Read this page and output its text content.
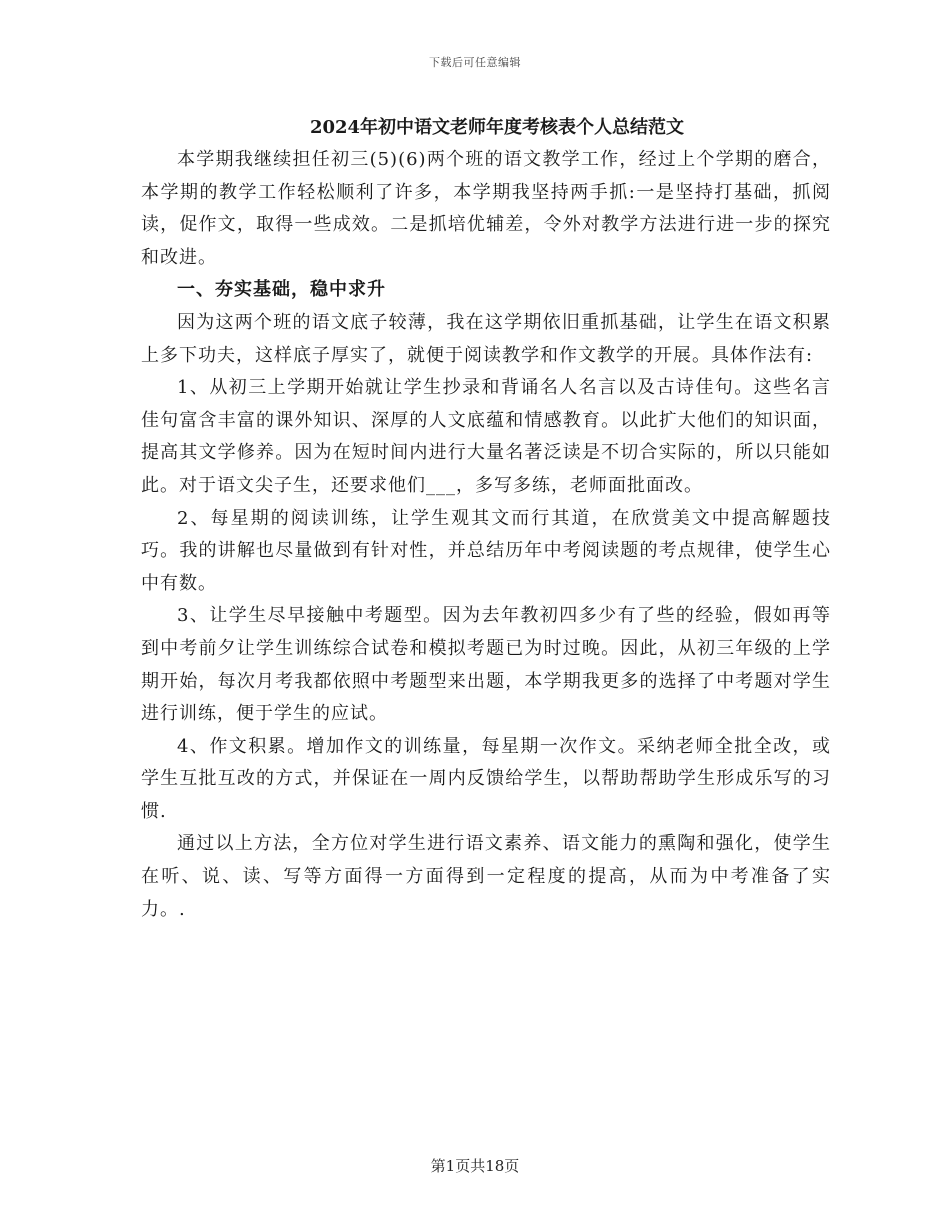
下载后可任意编辑
2024年初中语文老师年度考核表个人总结范文

本学期我继续担任初三(5)(6)两个班的语文教学工作，经过上个学期的磨合，本学期的教学工作轻松顺利了许多，本学期我坚持两手抓:一是坚持打基础，抓阅读，促作文，取得一些成效。二是抓培优辅差，令外对教学方法进行进一步的探究和改进。

一、夯实基础，稳中求升

因为这两个班的语文底子较薄，我在这学期依旧重抓基础，让学生在语文积累上多下功夫，这样底子厚实了，就便于阅读教学和作文教学的开展。具体作法有:

1、从初三上学期开始就让学生抄录和背诵名人名言以及古诗佳句。这些名言佳句富含丰富的课外知识、深厚的人文底蕴和情感教育。以此扩大他们的知识面，提高其文学修养。因为在短时间内进行大量名著泛读是不切合实际的，所以只能如此。对于语文尖子生，还要求他们___，多写多练，老师面批面改。

2、每星期的阅读训练，让学生观其文而行其道，在欣赏美文中提高解题技巧。我的讲解也尽量做到有针对性，并总结历年中考阅读题的考点规律，使学生心中有数。

3、让学生尽早接触中考题型。因为去年教初四多少有了些的经验，假如再等到中考前夕让学生训练综合试卷和模拟考题已为时过晚。因此，从初三年级的上学期开始，每次月考我都依照中考题型来出题，本学期我更多的选择了中考题对学生进行训练，便于学生的应试。

4、作文积累。增加作文的训练量，每星期一次作文。采纳老师全批全改，或学生互批互改的方式，并保证在一周内反馈给学生，以帮助帮助学生形成乐写的习惯.

通过以上方法，全方位对学生进行语文素养、语文能力的熏陶和强化，使学生在听、说、读、写等方面得一方面得到一定程度的提高，从而为中考准备了实力。.

第1页共18页
